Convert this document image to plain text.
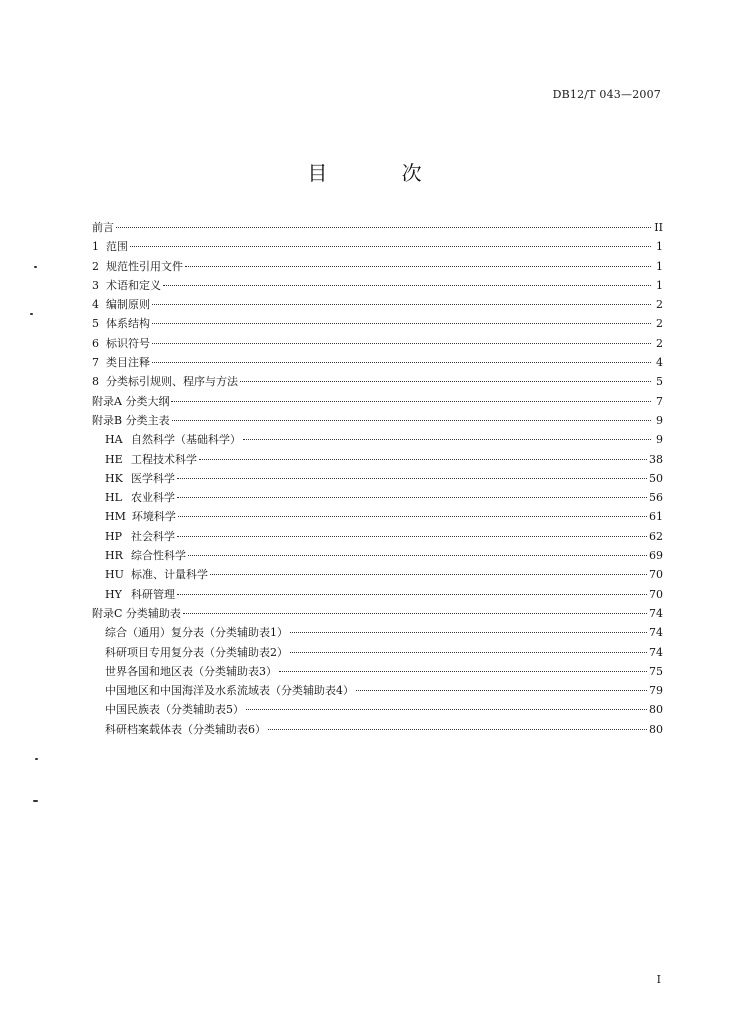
DB12/T 043—2007
目 次
前言	II
1 范围	1
2 规范性引用文件	1
3 术语和定义	1
4 编制原则	2
5 体系结构	2
6 标识符号	2
7 类目注释	4
8 分类标引规则、程序与方法	5
附录A 分类大纲	7
附录B 分类主表	9
HA 自然科学（基础科学）	9
HE 工程技术科学	38
HK 医学科学	50
HL 农业科学	56
HM 环境科学	61
HP 社会科学	62
HR 综合性科学	69
HU 标准、计量科学	70
HY 科研管理	70
附录C 分类辅助表	74
综合（通用）复分表（分类辅助表1）	74
科研项目专用复分表（分类辅助表2）	74
世界各国和地区表（分类辅助表3）	75
中国地区和中国海洋及水系流域表（分类辅助表4）	79
中国民族表（分类辅助表5）	80
科研档案载体表（分类辅助表6）	80
I
